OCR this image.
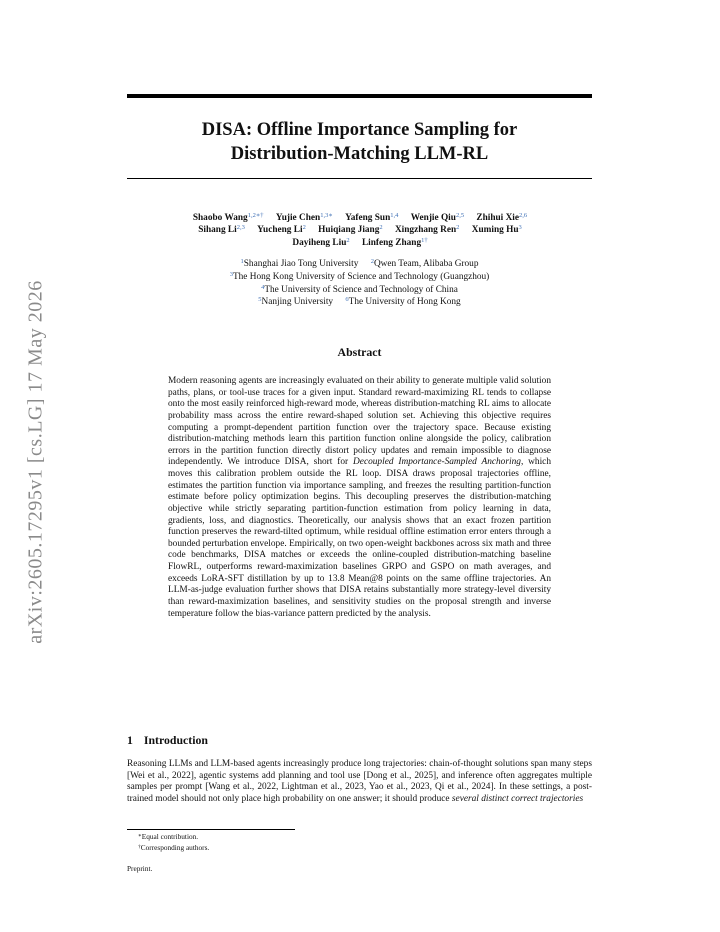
arXiv:2605.17295v1 [cs.LG] 17 May 2026
DISA: Offline Importance Sampling for
Distribution-Matching LLM-RL
Shaobo Wang$^{1,2∗\dagger}$ Yujie Chen$^{1,3∗}$ Yafeng Sun$^{1,4}$ Wenjie Qiu$^{2,5}$ Zhihui Xie$^{2,6}$
Sihang Li$^{2,3}$ Yucheng Li$^2$ Huiqiang Jiang$^2$ Xingzhang Ren$^2$ Xuming Hu$^3$
Dayiheng Liu$^2$ Linfeng Zhang$^{1\dagger}$
$^1$Shanghai Jiao Tong University $^2$Qwen Team, Alibaba Group
$^3$The Hong Kong University of Science and Technology (Guangzhou)
$^4$The University of Science and Technology of China
$^5$Nanjing University $^6$The University of Hong Kong
Abstract
Modern reasoning agents are increasingly evaluated on their ability to generate multiple valid solution paths, plans, or tool-use traces for a given input. Standard reward-maximizing RL tends to collapse onto the most easily reinforced high-reward mode, whereas distribution-matching RL aims to allocate probability mass across the entire reward-shaped solution set. Achieving this objective requires computing a prompt-dependent partition function over the trajectory space. Because existing distribution-matching methods learn this partition function online alongside the policy, calibration errors in the partition function directly distort policy updates and remain impossible to diagnose independently. We introduce DISA, short for Decoupled Importance-Sampled Anchoring, which moves this calibration problem outside the RL loop. DISA draws proposal trajectories offline, estimates the partition function via importance sampling, and freezes the resulting partition-function estimate before policy optimization begins. This decoupling preserves the distribution-matching objective while strictly separating partition-function estimation from policy learning in data, gradients, loss, and diagnostics. Theoretically, our analysis shows that an exact frozen partition function preserves the reward-tilted optimum, while residual offline estimation error enters through a bounded perturbation envelope. Empirically, on two open-weight backbones across six math and three code benchmarks, DISA matches or exceeds the online-coupled distribution-matching baseline FlowRL, outperforms reward-maximization baselines GRPO and GSPO on math averages, and exceeds LoRA-SFT distillation by up to 13.8 Mean@8 points on the same offline trajectories. An LLM-as-judge evaluation further shows that DISA retains substantially more strategy-level diversity than reward-maximization baselines, and sensitivity studies on the proposal strength and inverse temperature follow the bias-variance pattern predicted by the analysis.
1 Introduction
Reasoning LLMs and LLM-based agents increasingly produce long trajectories: chain-of-thought solutions span many steps [Wei et al., 2022], agentic systems add planning and tool use [Dong et al., 2025], and inference often aggregates multiple samples per prompt [Wang et al., 2022, Lightman et al., 2023, Yao et al., 2023, Qi et al., 2024]. In these settings, a post-trained model should not only place high probability on one answer; it should produce several distinct correct trajectories
∗Equal contribution.
†Corresponding authors.
Preprint.
